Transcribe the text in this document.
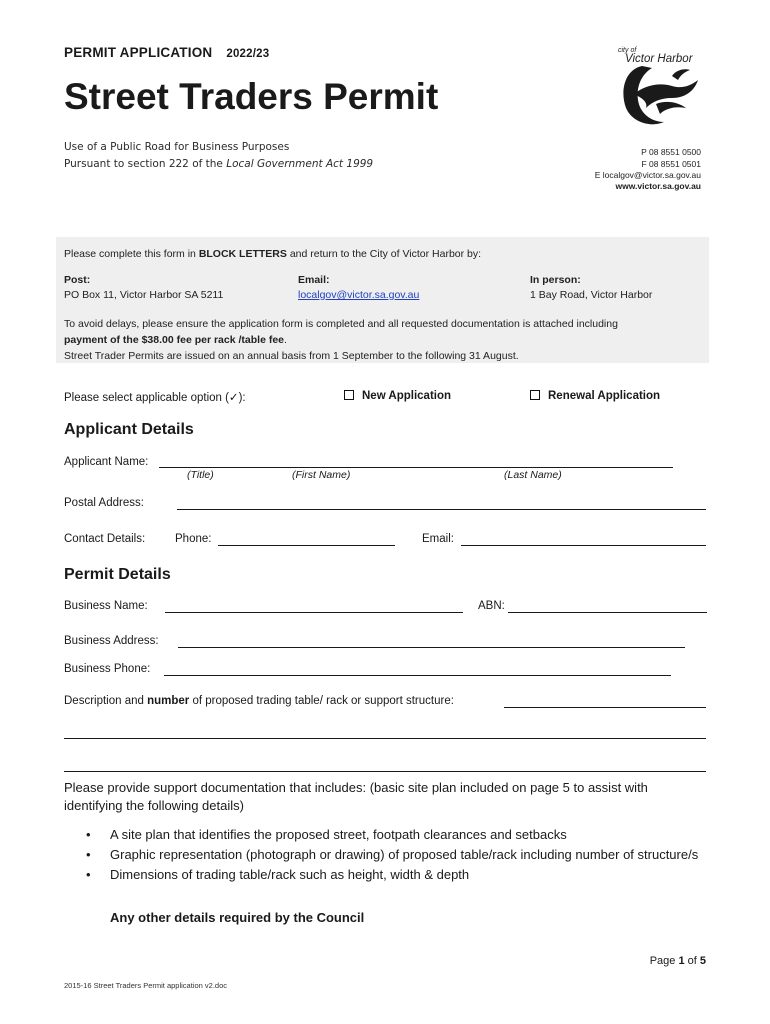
PERMIT APPLICATION 2022/23
Street Traders Permit
Use of a Public Road for Business Purposes
Pursuant to section 222 of the Local Government Act 1999
city of
Victor Harbor
P 08 8551 0500
F 08 8551 0501
E localgov@victor.sa.gov.au
www.victor.sa.gov.au
Please complete this form in BLOCK LETTERS and return to the City of Victor Harbor by:
Post:
PO Box 11, Victor Harbor SA 5211
Email:
localgov@victor.sa.gov.au
In person:
1 Bay Road, Victor Harbor
To avoid delays, please ensure the application form is completed and all requested documentation is attached including
payment of the $38.00 fee per rack /table fee.
Street Trader Permits are issued on an annual basis from 1 September to the following 31 August.
Please select applicable option (✓):	New Application	Renewal Application
Applicant Details
Applicant Name:
(Title)	(First Name)	(Last Name)
Postal Address:
Contact Details:	Phone:	Email:
Permit Details
Business Name:	ABN:
Business Address:
Business Phone:
Description and number of proposed trading table/ rack or support structure:
Please provide support documentation that includes: (basic site plan included on page 5 to assist with identifying the following details)
• A site plan that identifies the proposed street, footpath clearances and setbacks
• Graphic representation (photograph or drawing) of proposed table/rack including number of structure/s
• Dimensions of trading table/rack such as height, width & depth
Any other details required by the Council
Page 1 of 5
2015-16 Street Traders Permit application v2.doc
